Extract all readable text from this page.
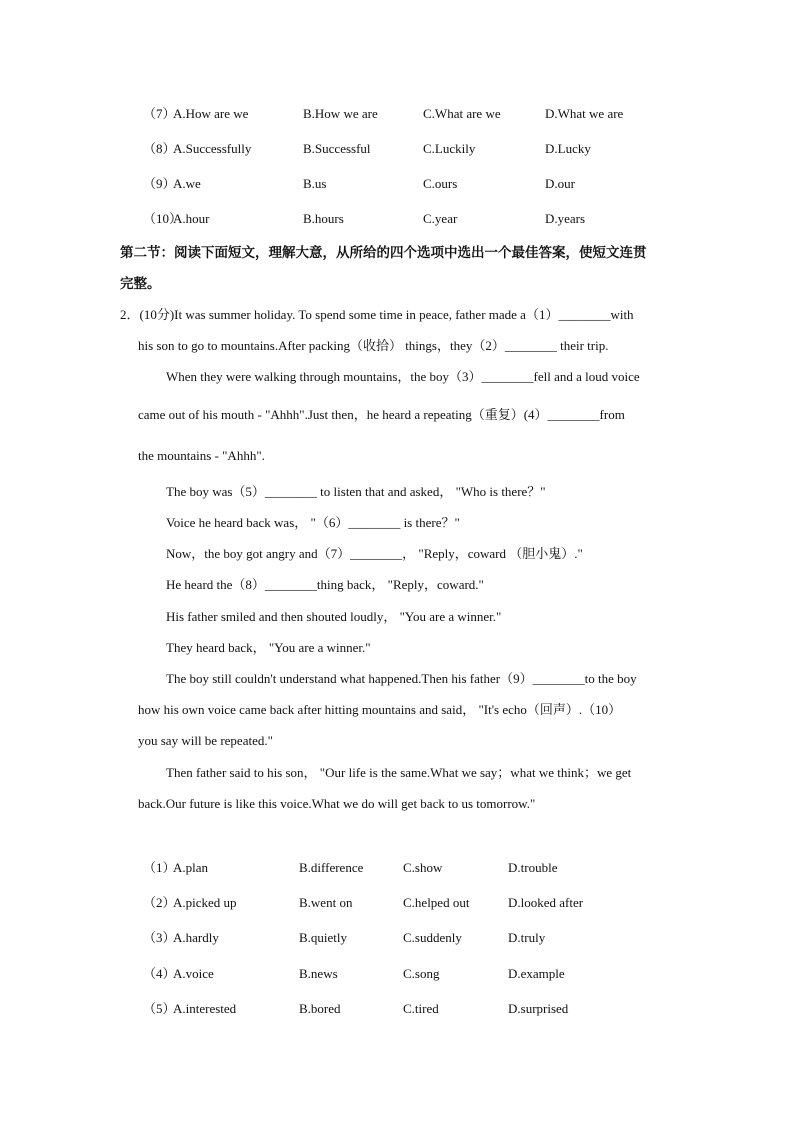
（7）
A.How are we	B.How we are	C.What are we	D.What we are
（8）
A.Successfully	B.Successful	C.Luckily	D.Lucky
（9）
A.we	B.us	C.ours	D.our
（10）
A.hour	B.hours	C.year	D.years
第二节：阅读下面短文，理解大意，从所给的四个选项中选出一个最佳答案，使短文连贯
完整。
2．(10分)It was summer holiday. To spend some time in peace, father made a（1）________with
his son to go to mountains.After packing（收拾） things，they（2）________ their trip.
When they were walking through mountains，the boy（3）________fell and a loud voice
came out of his mouth - "Ahhh".Just then，he heard a repeating（重复）(4）________from
the mountains - "Ahhh".
The boy was（5）________ to listen that and asked， "Who is there？"
Voice he heard back was， "（6）________ is there？"
Now，the boy got angry and（7）________， "Reply，coward （胆小鬼）."
He heard the（8）________thing back， "Reply，coward."
His father smiled and then shouted loudly， "You are a winner."
They heard back， "You are a winner."
The boy still couldn't understand what happened.Then his father（9）________to the boy
how his own voice came back after hitting mountains and said， "It's echo（回声）.（10）
you say will be repeated."
Then father said to his son， "Our life is the same.What we say；what we think；we get
back.Our future is like this voice.What we do will get back to us tomorrow."
（1）
A.plan	B.difference	C.show	D.trouble
（2）
A.picked up	B.went on	C.helped out	D.looked after
（3）
A.hardly	B.quietly	C.suddenly	D.truly
（4）
A.voice	B.news	C.song	D.example
（5）
A.interested	B.bored	C.tired	D.surprised
